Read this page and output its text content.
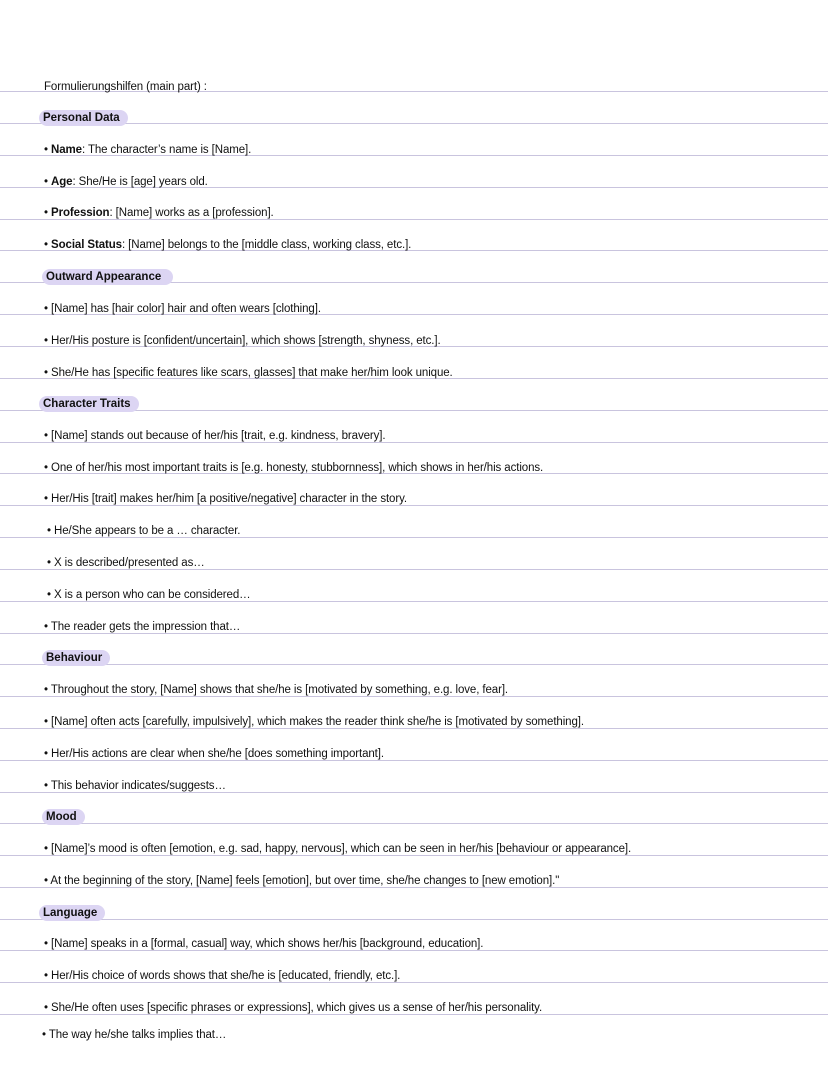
Formulierungshilfen (main part) :
Personal Data
• Name: The character’s name is [Name].
• Age: She/He is [age] years old.
• Profession: [Name] works as a [profession].
• Social Status: [Name] belongs to the [middle class, working class, etc.].
Outward Appearance
• [Name] has [hair color] hair and often wears [clothing].
• Her/His posture is [confident/uncertain], which shows [strength, shyness, etc.].
• She/He has [specific features like scars, glasses] that make her/him look unique.
Character Traits
• [Name] stands out because of her/his [trait, e.g. kindness, bravery].
• One of her/his most important traits is [e.g. honesty, stubbornness], which shows in her/his actions.
• Her/His [trait] makes her/him [a positive/negative] character in the story.
• He/She appears to be a … character.
• X is described/presented as…
• X is a person who can be considered…
• The reader gets the impression that…
Behaviour
• Throughout the story, [Name] shows that she/he is [motivated by something, e.g. love, fear].
• [Name] often acts [carefully, impulsively], which makes the reader think she/he is [motivated by something].
• Her/His actions are clear when she/he [does something important].
• This behavior indicates/suggests…
Mood
• [Name]’s mood is often [emotion, e.g. sad, happy, nervous], which can be seen in her/his [behaviour or appearance].
• At the beginning of the story, [Name] feels [emotion], but over time, she/he changes to [new emotion]."
Language
• [Name] speaks in a [formal, casual] way, which shows her/his [background, education].
• Her/His choice of words shows that she/he is [educated, friendly, etc.].
• She/He often uses [specific phrases or expressions], which gives us a sense of her/his personality.
• The way he/she talks implies that…
